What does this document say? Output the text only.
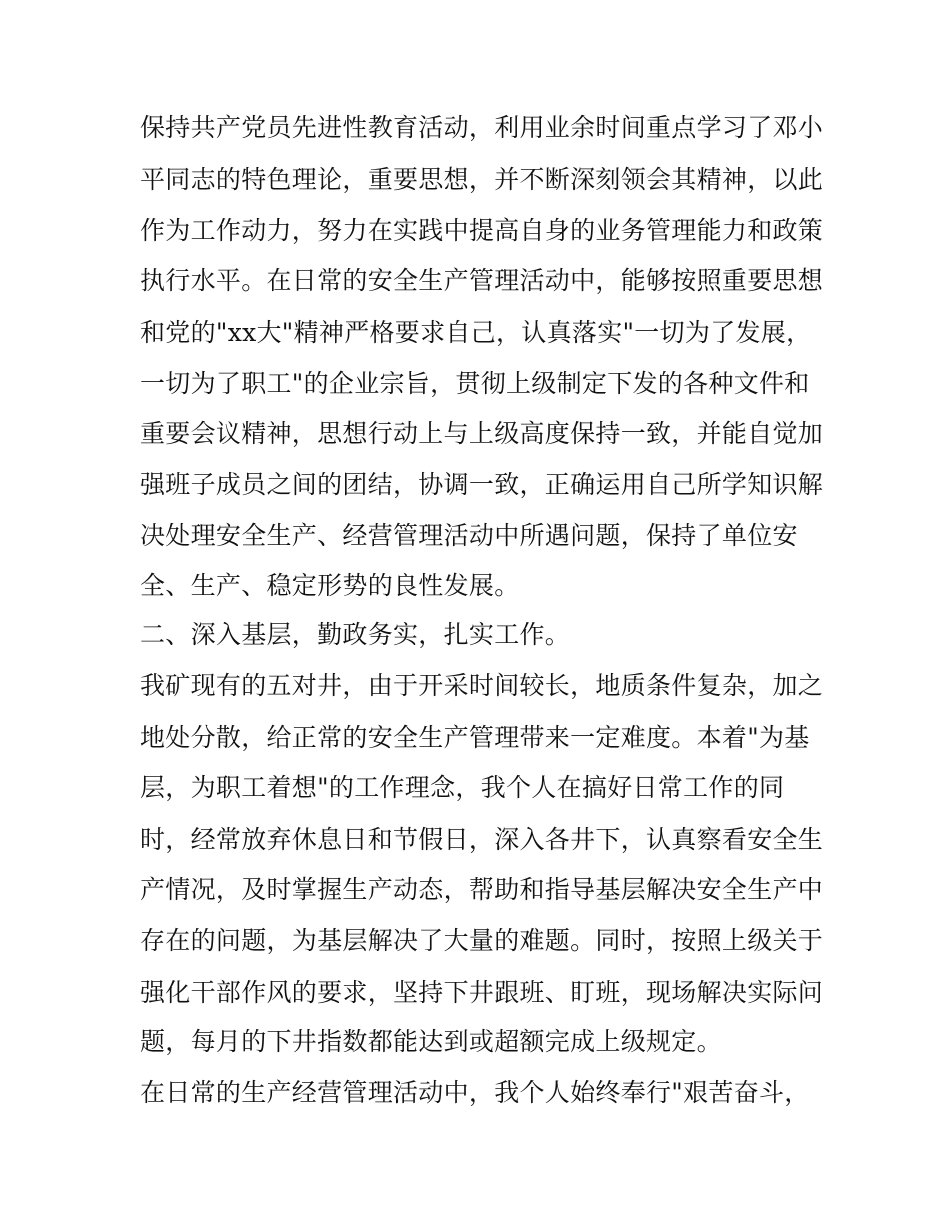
保持共产党员先进性教育活动，利用业余时间重点学习了邓小
平同志的特色理论，重要思想，并不断深刻领会其精神，以此
作为工作动力，努力在实践中提高自身的业务管理能力和政策
执行水平。在日常的安全生产管理活动中，能够按照重要思想
和党的"xx大"精神严格要求自己，认真落实"一切为了发展，
一切为了职工"的企业宗旨，贯彻上级制定下发的各种文件和
重要会议精神，思想行动上与上级高度保持一致，并能自觉加
强班子成员之间的团结，协调一致，正确运用自己所学知识解
决处理安全生产、经营管理活动中所遇问题，保持了单位安
全、生产、稳定形势的良性发展。
二、深入基层，勤政务实，扎实工作。
我矿现有的五对井，由于开采时间较长，地质条件复杂，加之
地处分散，给正常的安全生产管理带来一定难度。本着"为基
层，为职工着想"的工作理念，我个人在搞好日常工作的同
时，经常放弃休息日和节假日，深入各井下，认真察看安全生
产情况，及时掌握生产动态，帮助和指导基层解决安全生产中
存在的问题，为基层解决了大量的难题。同时，按照上级关于
强化干部作风的要求，坚持下井跟班、盯班，现场解决实际问
题，每月的下井指数都能达到或超额完成上级规定。
在日常的生产经营管理活动中，我个人始终奉行"艰苦奋斗，
